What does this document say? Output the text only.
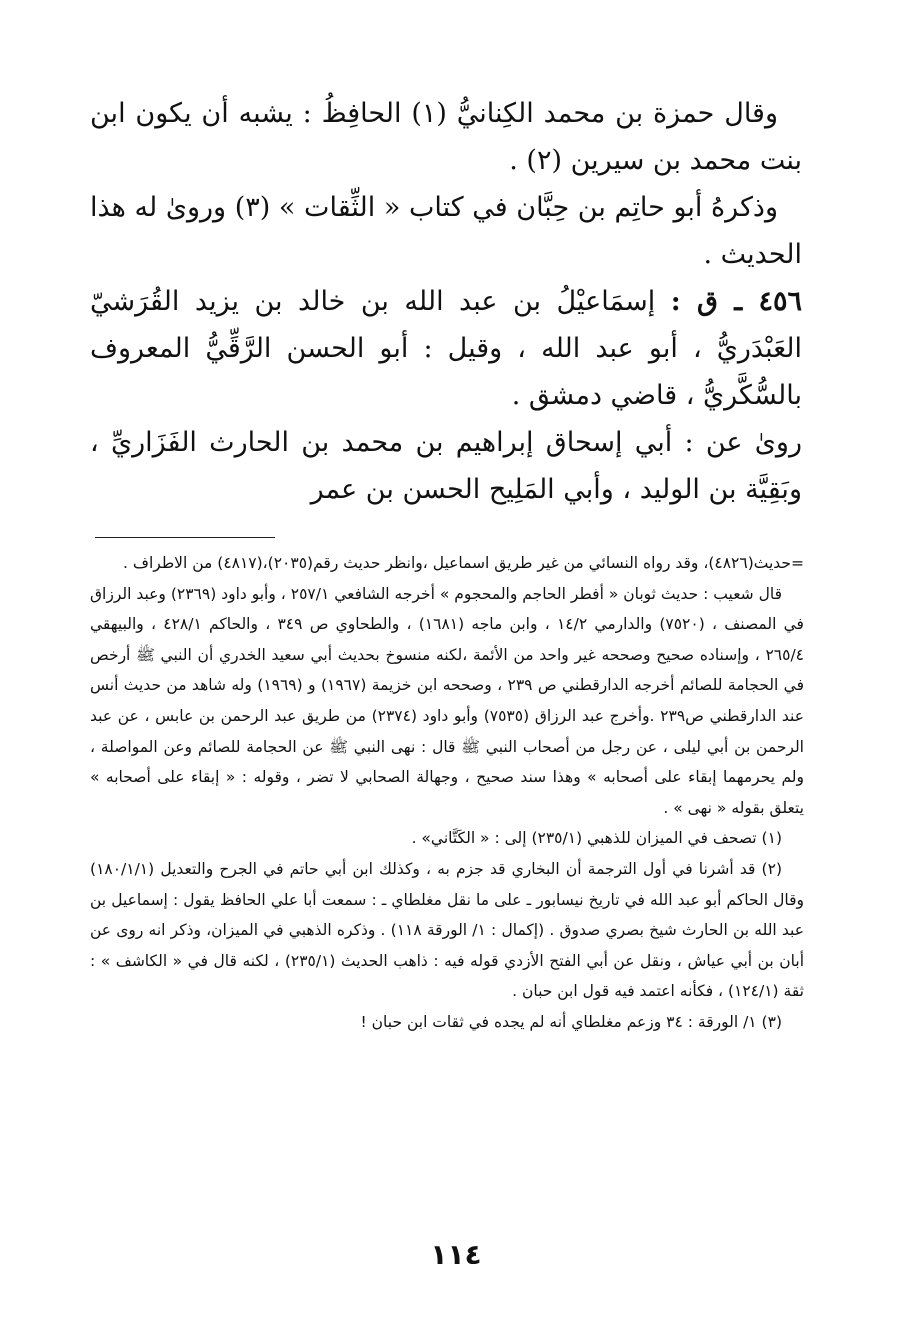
وقال حمزة بن محمد الكِنانيُّ (١) الحافِظُ : يشبه أن يكون ابن بنت محمد بن سيرين (٢) .

وذكرهُ أبو حاتِم بن حِبَّان في كتاب « الثِّقات » (٣) وروىٰ له هذا الحديث .

٤٥٦ ـ ق : إسمَاعيْلُ بن عبد الله بن خالد بن يزيد القُرَشيّ العَبْدَريُّ ، أبو عبد الله ، وقيل : أبو الحسن الرَّقِّيُّ المعروف بالسُّكَّريُّ ، قاضي دمشق .

روىٰ عن : أبي إسحاق إبراهيم بن محمد بن الحارث الفَزَاريِّ ، وبَقِيَّة بن الوليد ، وأبي المَلِيح الحسن بن عمر

=حديث(٤٨٢٦)، وقد رواه النسائي من غير طريق اسماعيل ،وانظر حديث رقم(٢٠٣٥)،(٤٨١٧) من الاطراف .

قال شعيب : حديث ثوبان « أفطر الحاجم والمحجوم » أخرجه الشافعي ٢٥٧/١ ، وأبو داود (٢٣٦٩) وعبد الرزاق في المصنف ، (٧٥٢٠) والدارمي ١٤/٢ ، وابن ماجه (١٦٨١) ، والطحاوي ص ٣٤٩ ، والحاكم ٤٢٨/١ ، والبيهقي ٢٦٥/٤ ، وإسناده صحيح وصححه غير واحد من الأئمة ،لكنه منسوخ بحديث أبي سعيد الخدري أن النبي ﷺ أرخص في الحجامة للصائم أخرجه الدارقطني ص ٢٣٩ ، وصححه ابن خزيمة (١٩٦٧) و (١٩٦٩) وله شاهد من حديث أنس عند الدارقطني ص٢٣٩ .وأخرج عبد الرزاق (٧٥٣٥) وأبو داود (٢٣٧٤) من طريق عبد الرحمن بن عابس ، عن عبد الرحمن بن أبي ليلى ، عن رجل من أصحاب النبي ﷺ قال : نهى النبي ﷺ عن الحجامة للصائم وعن المواصلة ، ولم يحرمهما إبقاء على أصحابه » وهذا سند صحيح ، وجهالة الصحابي لا تضر ، وقوله : « إبقاء على أصحابه » يتعلق بقوله « نهى » .

(١) تصحف في الميزان للذهبي (٢٣٥/١) إلى : « الكَتَّاني» .

(٢) قد أشرنا في أول الترجمة أن البخاري قد جزم به ، وكذلك ابن أبي حاتم في الجرح والتعديل (١٨٠/١/١) وقال الحاكم أبو عبد الله في تاريخ نيسابور ـ على ما نقل مغلطاي ـ : سمعت أبا علي الحافظ يقول : إسماعيل بن عبد الله بن الحارث شيخ بصري صدوق . (إكمال : ١/ الورقة ١١٨) . وذكره الذهبي في الميزان، وذكر انه روى عن أبان بن أبي عياش ، ونقل عن أبي الفتح الأزدي قوله فيه : ذاهب الحديث (٢٣٥/١) ، لكنه قال في « الكاشف » : ثقة (١٢٤/١) ، فكأنه اعتمد فيه قول ابن حبان .

(٣) ١/ الورقة : ٣٤ وزعم مغلطاي أنه لم يجده في ثقات ابن حبان !

١١٤
